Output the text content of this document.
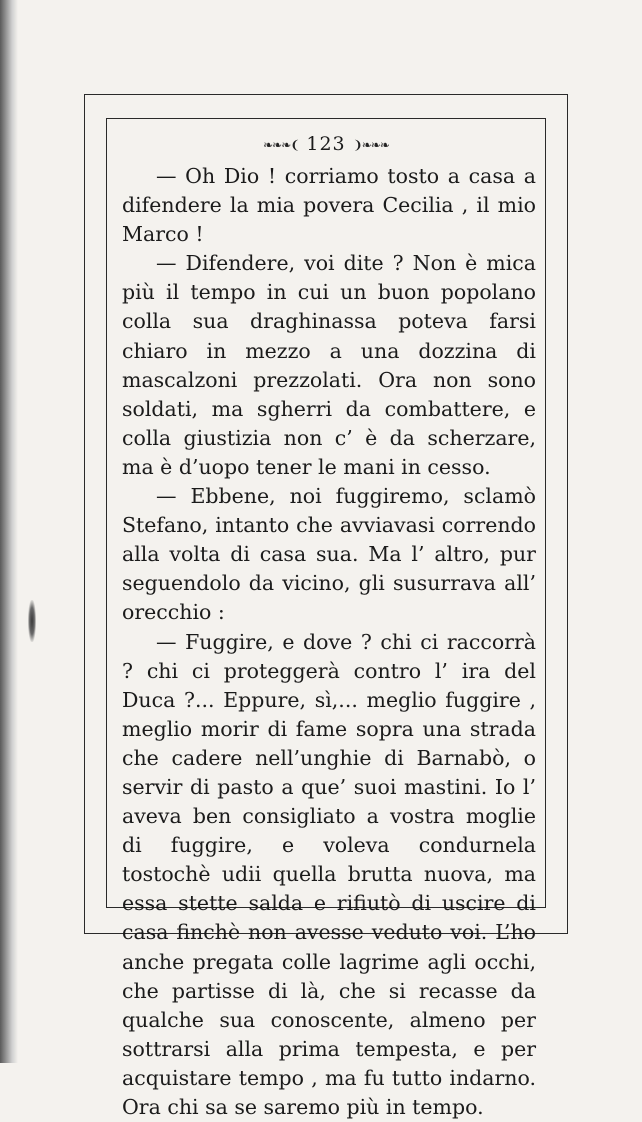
❧❧❧❨ 123 ❩❧❧❧

— Oh Dio ! corriamo tosto a casa a difendere la mia povera Cecilia , il mio Marco !

— Difendere, voi dite ? Non è mica più il tempo in cui un buon popolano colla sua draghinassa poteva farsi chiaro in mezzo a una dozzina di mascalzoni prezzolati. Ora non sono soldati, ma sgherri da combattere, e colla giustizia non c’ è da scherzare, ma è d’uopo tener le mani in cesso.

— Ebbene, noi fuggiremo, sclamò Stefano, intanto che avviavasi correndo alla volta di casa sua. Ma l’ altro, pur seguendolo da vicino, gli susurrava all’ orecchio :

— Fuggire, e dove ? chi ci raccorrà ? chi ci proteggerà contro l’ ira del Duca ?... Eppure, sì,... meglio fuggire , meglio morir di fame sopra una strada che cadere nell’unghie di Barnabò, o servir di pasto a que’ suoi mastini. Io l’ aveva ben consigliato a vostra moglie di fuggire, e voleva condurnela tostochè udii quella brutta nuova, ma essa stette salda e rifiutò di uscire di casa finchè non avesse veduto voi. L’ho anche pregata colle lagrime agli occhi, che partisse di là, che si recasse da qualche sua conoscente, almeno per sottrarsi alla prima tempesta, e per acquistare tempo , ma fu tutto indarno. Ora chi sa se saremo più in tempo.
